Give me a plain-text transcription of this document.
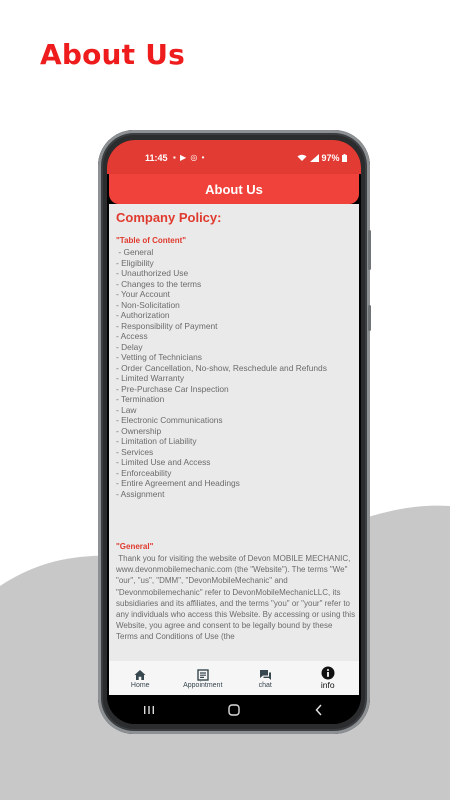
About Us
11:45 ▪ ▶ ◎ •	97%
About Us
Company Policy:
"Table of Content"
- General
- Eligibility
- Unauthorized Use
- Changes to the terms
- Your Account
- Non-Solicitation
- Authorization
- Responsibility of Payment
- Access
- Delay
- Vetting of Technicians
- Order Cancellation, No-show, Reschedule and Refunds
- Limited Warranty
- Pre-Purchase Car Inspection
- Termination
- Law
- Electronic Communications
- Ownership
- Limitation of Liability
- Services
- Limited Use and Access
- Enforceability
- Entire Agreement and Headings
- Assignment
"General"

Thank you for visiting the website of Devon MOBILE MECHANIC, www.devonmobilemechanic.com (the "Website"). The terms "We" "our", "us", "DMM", "DevonMobileMechanic" and "Devonmobilemechanic" refer to DevonMobileMechanicLLC, its subsidiaries and its affiliates, and the terms "you" or "your" refer to any individuals who access this Website. By accessing or using this Website, you agree and consent to be legally bound by these Terms and Conditions of Use (the

Home	Appointment	chat	info
